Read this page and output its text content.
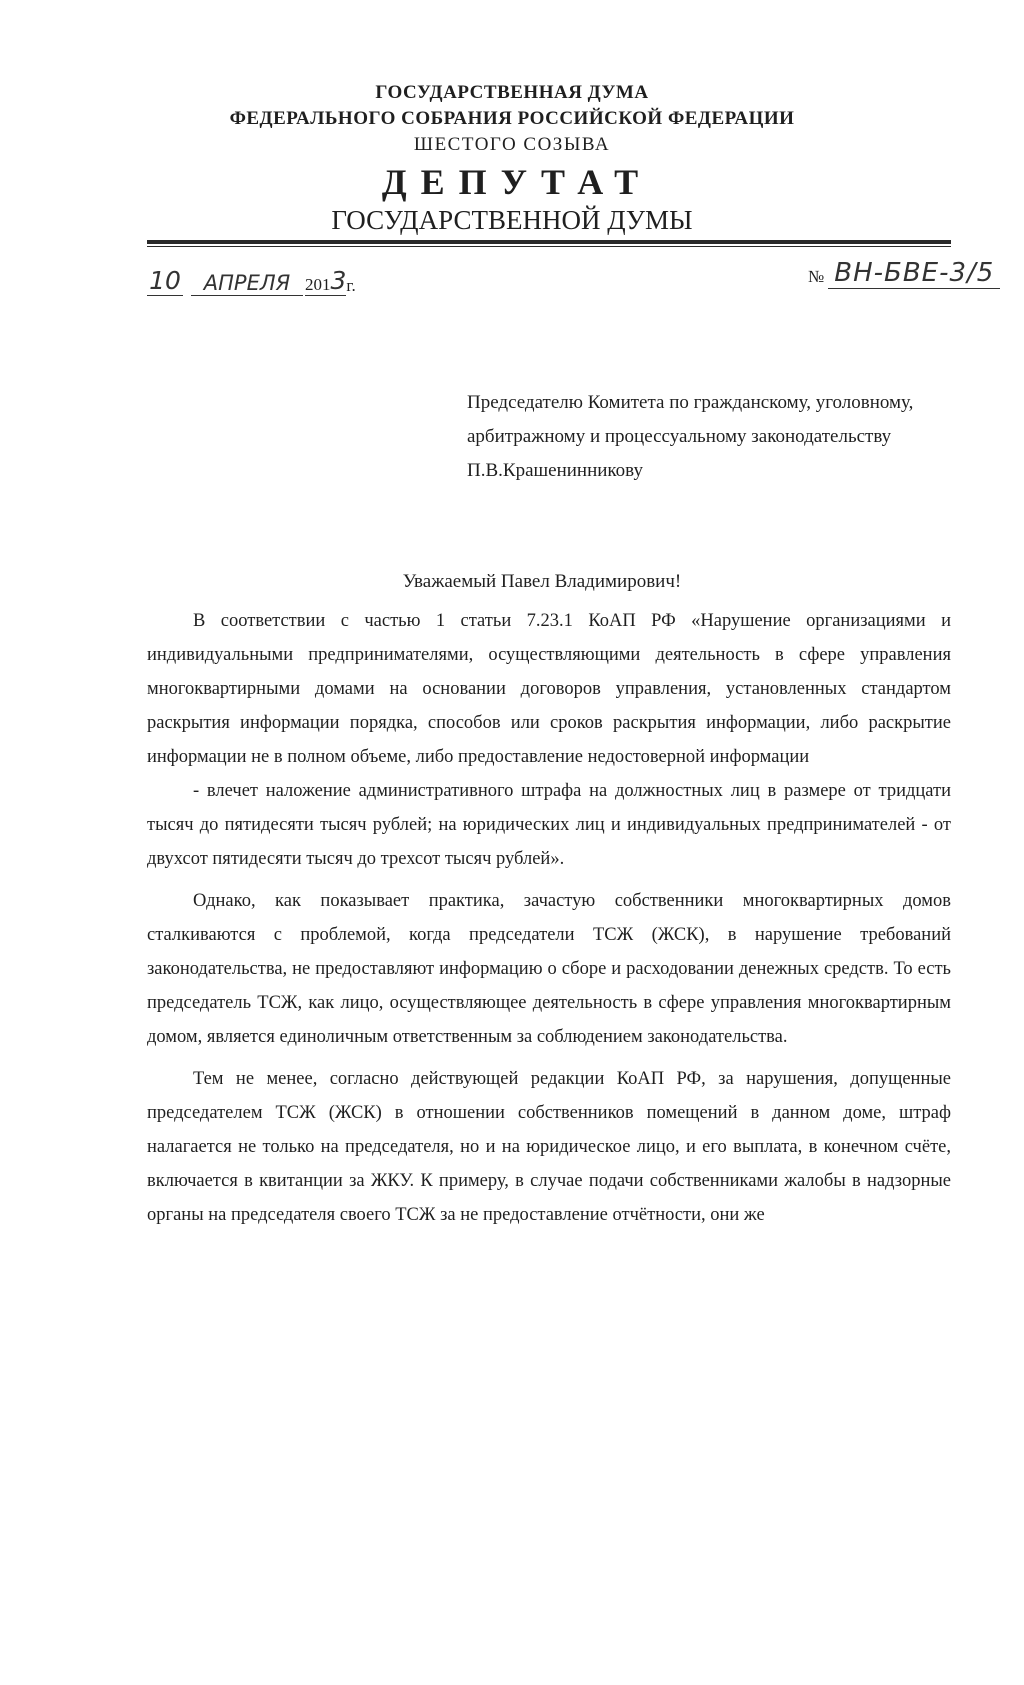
ГОСУДАРСТВЕННАЯ ДУМА
ФЕДЕРАЛЬНОГО СОБРАНИЯ РОССИЙСКОЙ ФЕДЕРАЦИИ
ШЕСТОГО СОЗЫВА
ДЕПУТАТ
ГОСУДАРСТВЕННОЙ ДУМЫ
10	АПРЕЛЯ 201 3 г.	№ ВН-БВЕ-3/5
Председателю Комитета по гражданскому, уголовному,
арбитражному и процессуальному законодательству
П.В.Крашенинникову
Уважаемый Павел Владимирович!

В соответствии с частью 1 статьи 7.23.1 КоАП РФ «Нарушение организациями и индивидуальными предпринимателями, осуществляющими деятельность в сфере управления многоквартирными домами на основании договоров управления, установленных стандартом раскрытия информации порядка, способов или сроков раскрытия информации, либо раскрытие информации не в полном объеме, либо предоставление недостоверной информации

- влечет наложение административного штрафа на должностных лиц в размере от тридцати тысяч до пятидесяти тысяч рублей; на юридических лиц и индивидуальных предпринимателей - от двухсот пятидесяти тысяч до трехсот тысяч рублей».

Однако, как показывает практика, зачастую собственники многоквартирных домов сталкиваются с проблемой, когда председатели ТСЖ (ЖСК), в нарушение требований законодательства, не предоставляют информацию о сборе и расходовании денежных средств. То есть председатель ТСЖ, как лицо, осуществляющее деятельность в сфере управления многоквартирным домом, является единоличным ответственным за соблюдением законодательства.

Тем не менее, согласно действующей редакции КоАП РФ, за нарушения, допущенные председателем ТСЖ (ЖСК) в отношении собственников помещений в данном доме, штраф налагается не только на председателя, но и на юридическое лицо, и его выплата, в конечном счёте, включается в квитанции за ЖКУ. К примеру, в случае подачи собственниками жалобы в надзорные органы на председателя своего ТСЖ за не предоставление отчётности, они же
